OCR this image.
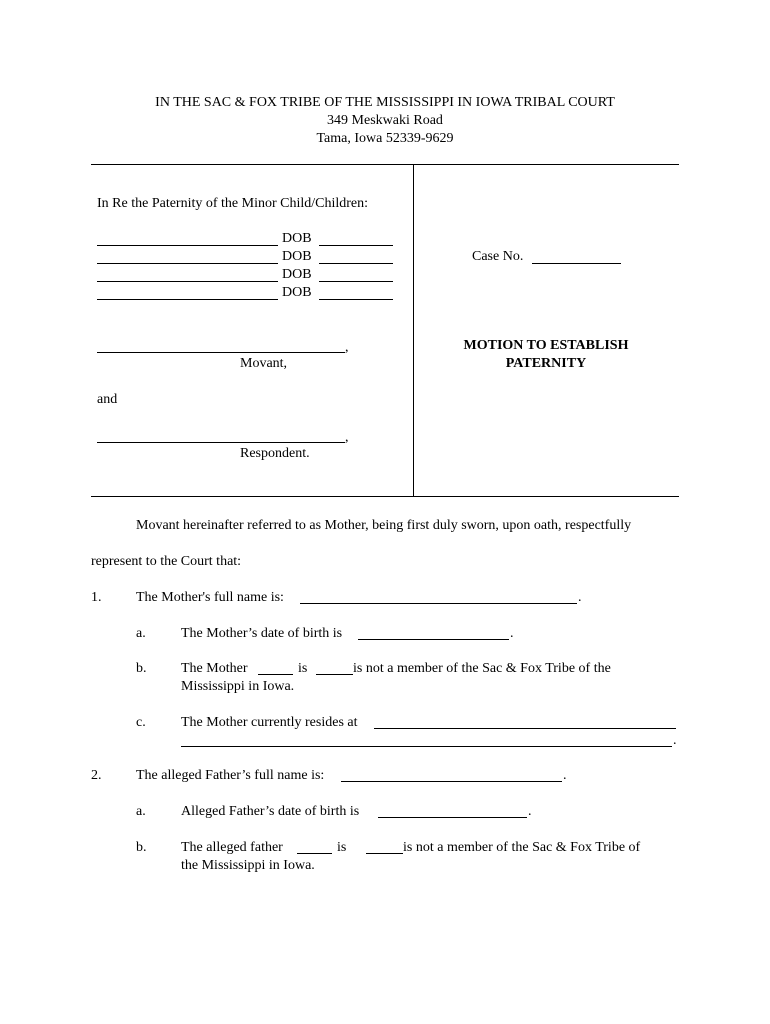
IN THE SAC & FOX TRIBE OF THE MISSISSIPPI IN IOWA TRIBAL COURT
349 Meskwaki Road
Tama, Iowa 52339-9629
In Re the Paternity of the Minor Child/Children:
DOB
DOB
DOB
DOB
,
Movant,
and
,
Respondent.
Case No.
MOTION TO ESTABLISH
PATERNITY
Movant hereinafter referred to as Mother, being first duly sworn, upon oath, respectfully
represent to the Court that:
1. The Mother's full name is:	.
a.	The Mother’s date of birth is	.
b. The Mother	is	is not a member of the Sac & Fox Tribe of the
Mississippi in Iowa.
c.	The Mother currently resides at
.
2. The alleged Father’s full name is:	.
a.	Alleged Father’s date of birth is	.
b. The alleged father	is	is not a member of the Sac & Fox Tribe of
the Mississippi in Iowa.
